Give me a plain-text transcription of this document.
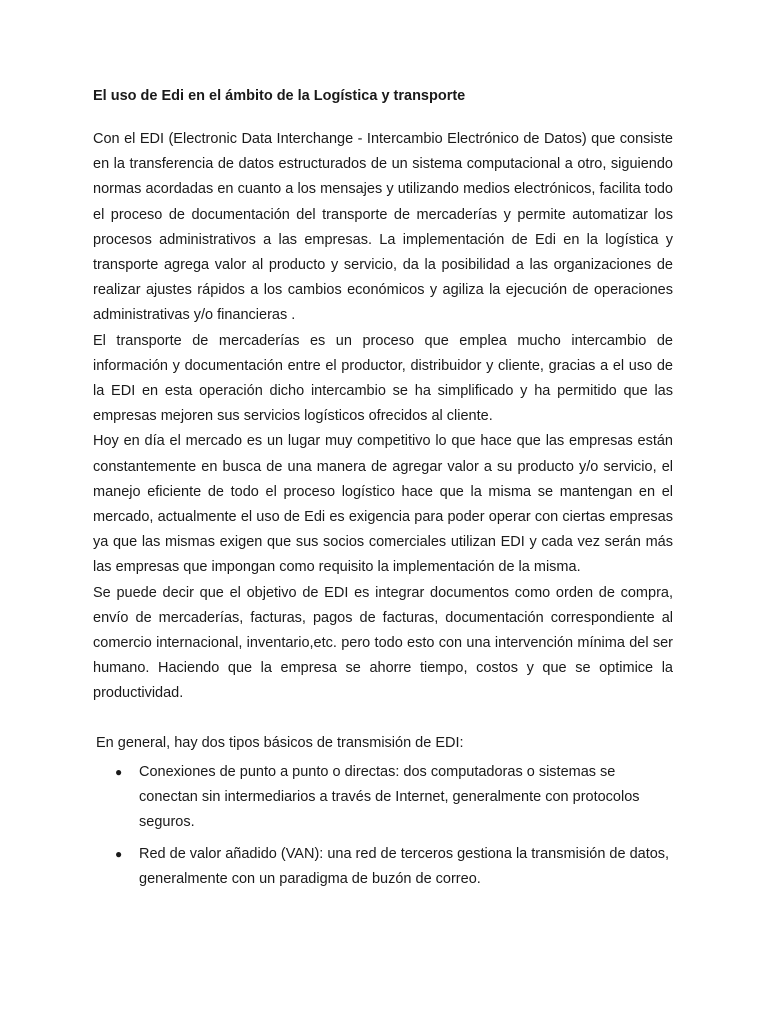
El uso de Edi en el ámbito de la Logística y transporte

Con el EDI (Electronic Data Interchange - Intercambio Electrónico de Datos) que consiste en la transferencia de datos estructurados de un sistema computacional a otro, siguiendo normas acordadas en cuanto a los mensajes y utilizando medios electrónicos, facilita todo el proceso de documentación del transporte de mercaderías y permite automatizar los procesos administrativos a las empresas. La implementación de Edi en la logística y transporte agrega valor al producto y servicio, da la posibilidad a las organizaciones de realizar ajustes rápidos a los cambios económicos y agiliza la ejecución de operaciones administrativas y/o financieras .

El transporte de mercaderías es un proceso que emplea mucho intercambio de información y documentación entre el productor, distribuidor y cliente, gracias a el uso de la EDI en esta operación dicho intercambio se ha simplificado y ha permitido que las empresas mejoren sus servicios logísticos ofrecidos al cliente.

Hoy en día el mercado es un lugar muy competitivo lo que hace que las empresas están constantemente en busca de una manera de agregar valor a su producto y/o servicio, el manejo eficiente de todo el proceso logístico hace que la misma se mantengan en el mercado, actualmente el uso de Edi es exigencia para poder operar con ciertas empresas ya que las mismas exigen que sus socios comerciales utilizan EDI y cada vez serán más las empresas que impongan como requisito la implementación de la misma.

Se puede decir que el objetivo de EDI es integrar documentos como orden de compra, envío de mercaderías, facturas, pagos de facturas, documentación correspondiente al comercio internacional, inventario,etc. pero todo esto con una intervención mínima del ser humano. Haciendo que la empresa se ahorre tiempo, costos y que se optimice la productividad.

En general, hay dos tipos básicos de transmisión de EDI:
● Conexiones de punto a punto o directas: dos computadoras o sistemas se conectan sin intermediarios a través de Internet, generalmente con protocolos seguros.
● Red de valor añadido (VAN): una red de terceros gestiona la transmisión de datos, generalmente con un paradigma de buzón de correo.
